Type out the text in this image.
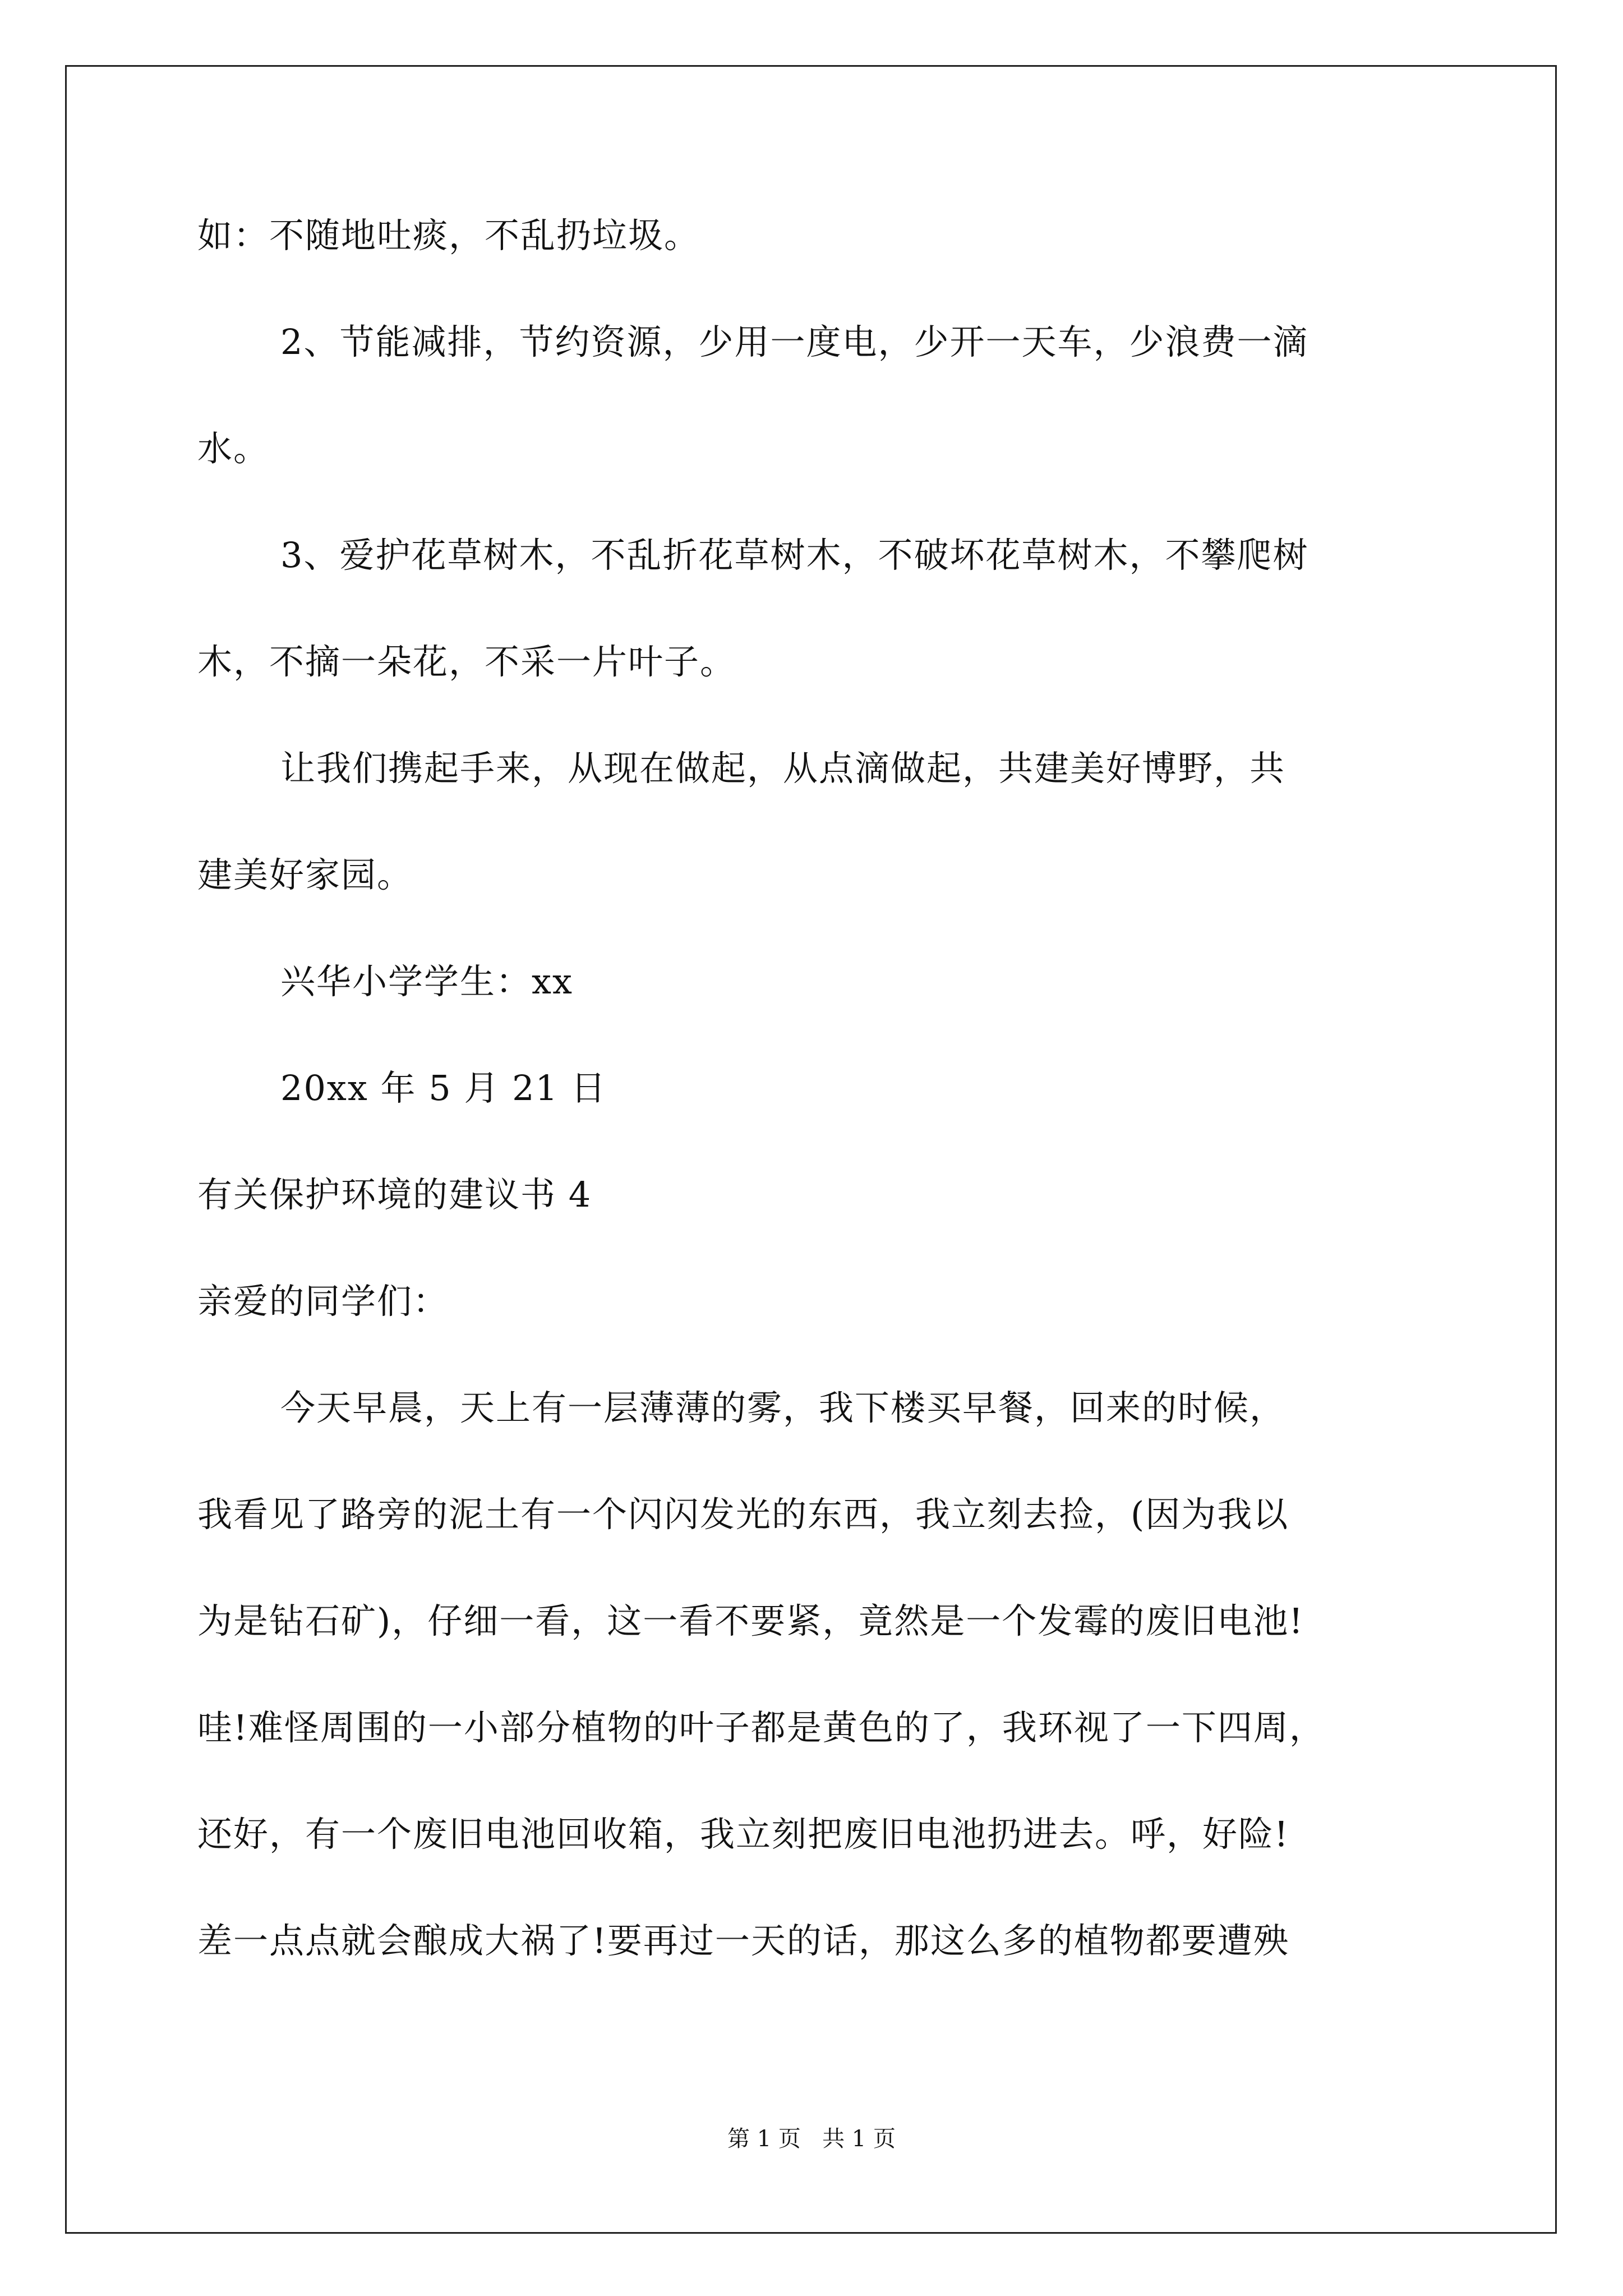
如：不随地吐痰，不乱扔垃圾。
2、节能减排，节约资源，少用一度电，少开一天车，少浪费一滴
水。
3、爱护花草树木，不乱折花草树木，不破坏花草树木，不攀爬树
木，不摘一朵花，不采一片叶子。
让我们携起手来，从现在做起，从点滴做起，共建美好博野，共
建美好家园。
兴华小学学生：xx
20xx 年 5 月 21 日
有关保护环境的建议书 4
亲爱的同学们：
今天早晨，天上有一层薄薄的雾，我下楼买早餐，回来的时候，
我看见了路旁的泥土有一个闪闪发光的东西，我立刻去捡，(因为我以
为是钻石矿)，仔细一看，这一看不要紧，竟然是一个发霉的废旧电池!
哇!难怪周围的一小部分植物的叶子都是黄色的了，我环视了一下四周，
还好，有一个废旧电池回收箱，我立刻把废旧电池扔进去。呼，好险!
差一点点就会酿成大祸了!要再过一天的话，那这么多的植物都要遭殃
第 1 页   共 1 页
